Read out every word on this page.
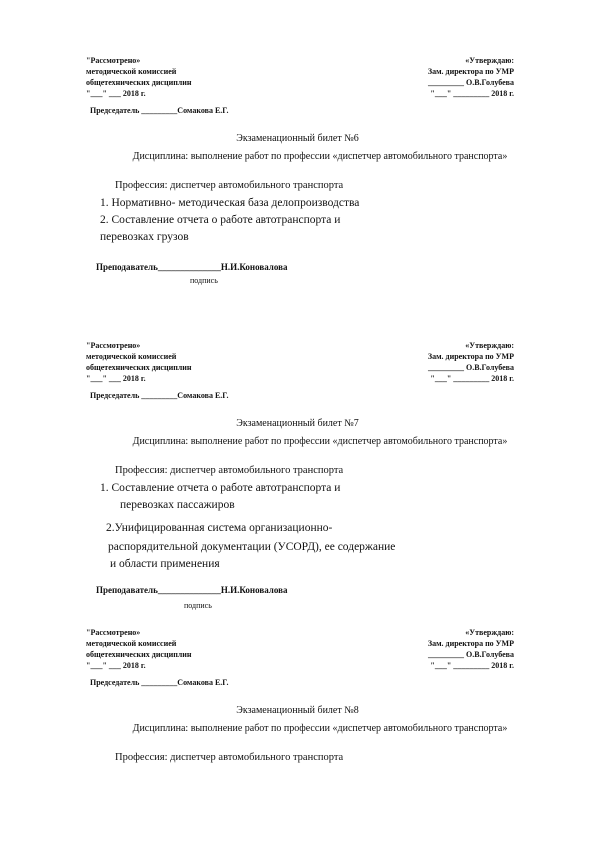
"Рассмотрено»
методической комиссией
общетехнических дисциплин
"___" ___ 2018 г.
Председатель _________Сомакова Е.Г.
«Утверждаю:
Зам. директора по УМР
_________ О.В.Голубева
"___" _________ 2018 г.
Экзаменационный билет №6
Дисциплина: выполнение работ по профессии «диспетчер автомобильного транспорта»
Профессия: диспетчер автомобильного транспорта
1. Нормативно- методическая база делопроизводства
2. Составление отчета о работе автотранспорта и
перевозках грузов
Преподаватель______________Н.И.Коновалова
подпись
"Рассмотрено»
методической комиссией
общетехнических дисциплин
"___" ___ 2018 г.
Председатель _________Сомакова Е.Г.
«Утверждаю:
Зам. директора по УМР
_________ О.В.Голубева
"___" _________ 2018 г.
Экзаменационный билет №7
Дисциплина: выполнение работ по профессии «диспетчер автомобильного транспорта»
Профессия: диспетчер автомобильного транспорта
1. Составление отчета о работе автотранспорта и
перевозках пассажиров
2.Унифицированная система организационно-
распорядительной документации (УСОРД), ее содержание
и области применения
Преподаватель______________Н.И.Коновалова
подпись
"Рассмотрено»
методической комиссией
общетехнических дисциплин
"___" ___ 2018 г.
Председатель _________Сомакова Е.Г.
«Утверждаю:
Зам. директора по УМР
_________ О.В.Голубева
"___" _________ 2018 г.
Экзаменационный билет №8
Дисциплина: выполнение работ по профессии «диспетчер автомобильного транспорта»
Профессия: диспетчер автомобильного транспорта
